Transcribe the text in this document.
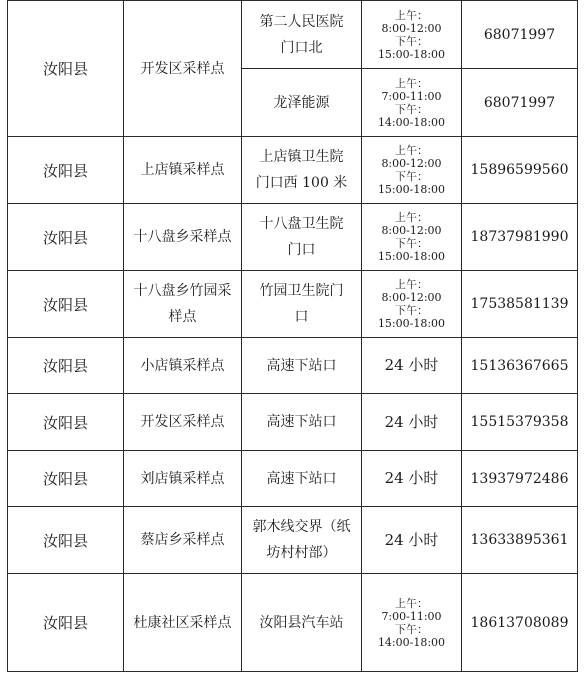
汝阳县	开发区采样点	第二人民医院
门口北	上午：
8:00-12:00
下午：
15:00-18:00	68071997

		龙泽能源	上午：
7:00-11:00
下午：
14:00-18:00	68071997
汝阳县	上店镇采样点	上店镇卫生院
门口西 100 米	上午：
8:00-12:00
下午：
15:00-18:00	15896599560
汝阳县	十八盘乡采样点	十八盘卫生院
门口	上午：
8:00-12:00
下午：
15:00-18:00	18737981990
汝阳县	十八盘乡竹园采样点	竹园卫生院门
口	上午：
8:00-12:00
下午：
15:00-18:00	17538581139
汝阳县	小店镇采样点	高速下站口	24 小时	15136367665
汝阳县	开发区采样点	高速下站口	24 小时	15515379358
汝阳县	刘店镇采样点	高速下站口	24 小时	13937972486
汝阳县	蔡店乡采样点	郭木线交界（纸
坊村村部）	24 小时	13633895361
汝阳县	杜康社区采样点	汝阳县汽车站	上午：
7:00-11:00
下午：
14:00-18:00	18613708089
